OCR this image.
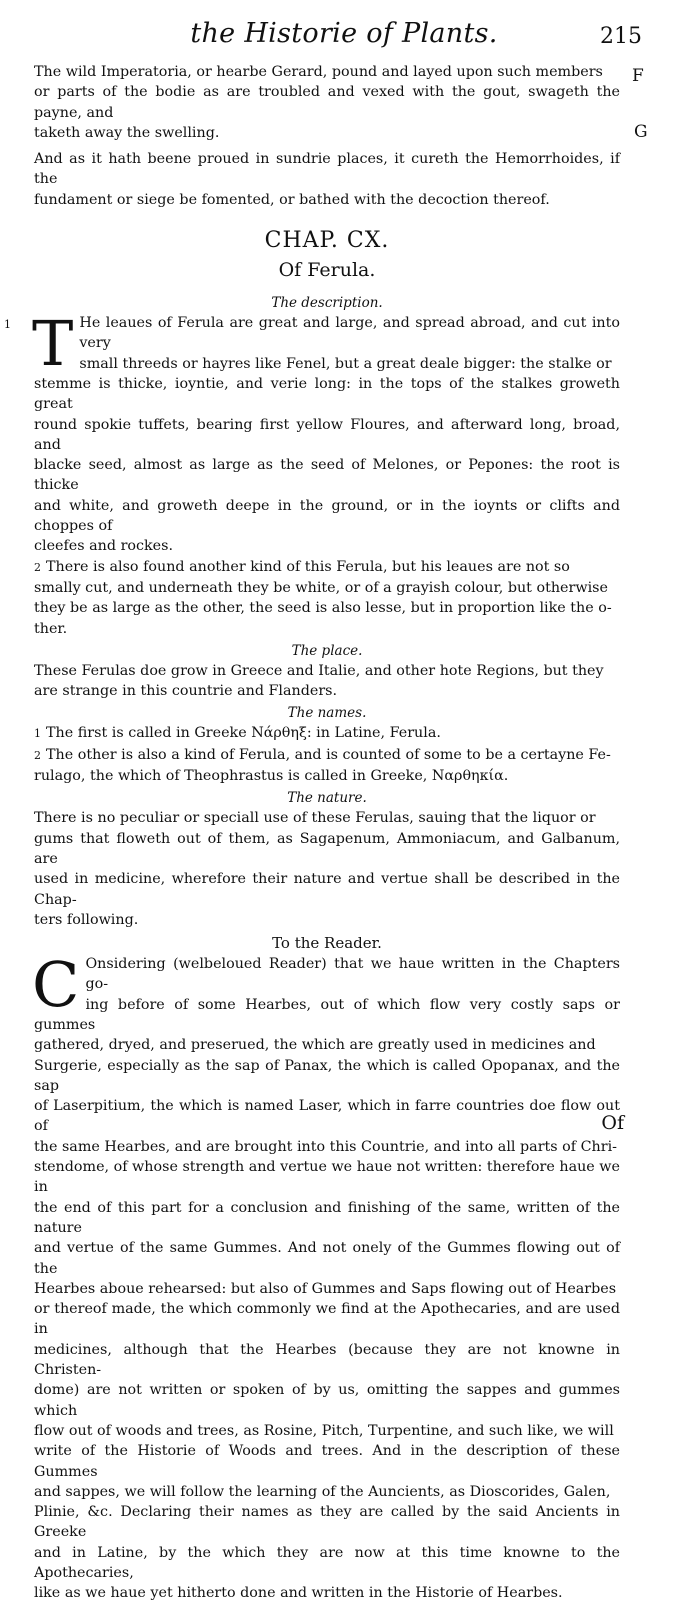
the Historie of Plants.	215
F
G
The wild Imperatoria, or hearbe Gerard, pound and layed upon such members
or parts of the bodie as are troubled and vexed with the gout, swageth the payne, and
taketh away the swelling.
And as it hath beene proued in sundrie places, it cureth the Hemorrhoides, if the
fundament or siege be fomented, or bathed with the decoction thereof.
CHAP. CX.
Of Ferula.
The description.
1 T He leaues of Ferula are great and large, and spread abroad, and cut into very
small threeds or hayres like Fenel, but a great deale bigger: the stalke or
stemme is thicke, ioyntie, and verie long: in the tops of the stalkes groweth great
round spokie tuffets, bearing first yellow Floures, and afterward long, broad, and
blacke seed, almost as large as the seed of Melones, or Pepones: the root is thicke
and white, and groweth deepe in the ground, or in the ioynts or clifts and choppes of
cleefes and rockes.
2 There is also found another kind of this Ferula, but his leaues are not so
smally cut, and underneath they be white, or of a grayish colour, but otherwise
they be as large as the other, the seed is also lesse, but in proportion like the o-
ther.
The place.
These Ferulas doe grow in Greece and Italie, and other hote Regions, but they
are strange in this countrie and Flanders.
The names.
1 The first is called in Greeke Νάρθηξ: in Latine, Ferula.
2 The other is also a kind of Ferula, and is counted of some to be a certayne Fe-
rulago, the which of Theophrastus is called in Greeke, Ναρθηκία.
The nature.
There is no peculiar or speciall use of these Ferulas, sauing that the liquor or
gums that floweth out of them, as Sagapenum, Ammoniacum, and Galbanum, are
used in medicine, wherefore their nature and vertue shall be described in the Chap-
ters following.
To the Reader.
C Onsidering (welbeloued Reader) that we haue written in the Chapters go-
ing before of some Hearbes, out of which flow very costly saps or gummes
gathered, dryed, and preserued, the which are greatly used in medicines and
Surgerie, especially as the sap of Panax, the which is called Opopanax, and the sap
of Laserpitium, the which is named Laser, which in farre countries doe flow out of
the same Hearbes, and are brought into this Countrie, and into all parts of Chri-
stendome, of whose strength and vertue we haue not written: therefore haue we in
the end of this part for a conclusion and finishing of the same, written of the nature
and vertue of the same Gummes. And not onely of the Gummes flowing out of the
Hearbes aboue rehearsed: but also of Gummes and Saps flowing out of Hearbes
or thereof made, the which commonly we find at the Apothecaries, and are used in
medicines, although that the Hearbes (because they are not knowne in Christen-
dome) are not written or spoken of by us, omitting the sappes and gummes which
flow out of woods and trees, as Rosine, Pitch, Turpentine, and such like, we will
write of the Historie of Woods and trees. And in the description of these Gummes
and sappes, we will follow the learning of the Auncients, as Dioscorides, Galen,
Plinie, &c. Declaring their names as they are called by the said Ancients in Greeke
and in Latine, by the which they are now at this time knowne to the Apothecaries,
like as we haue yet hitherto done and written in the Historie of Hearbes.
Of
